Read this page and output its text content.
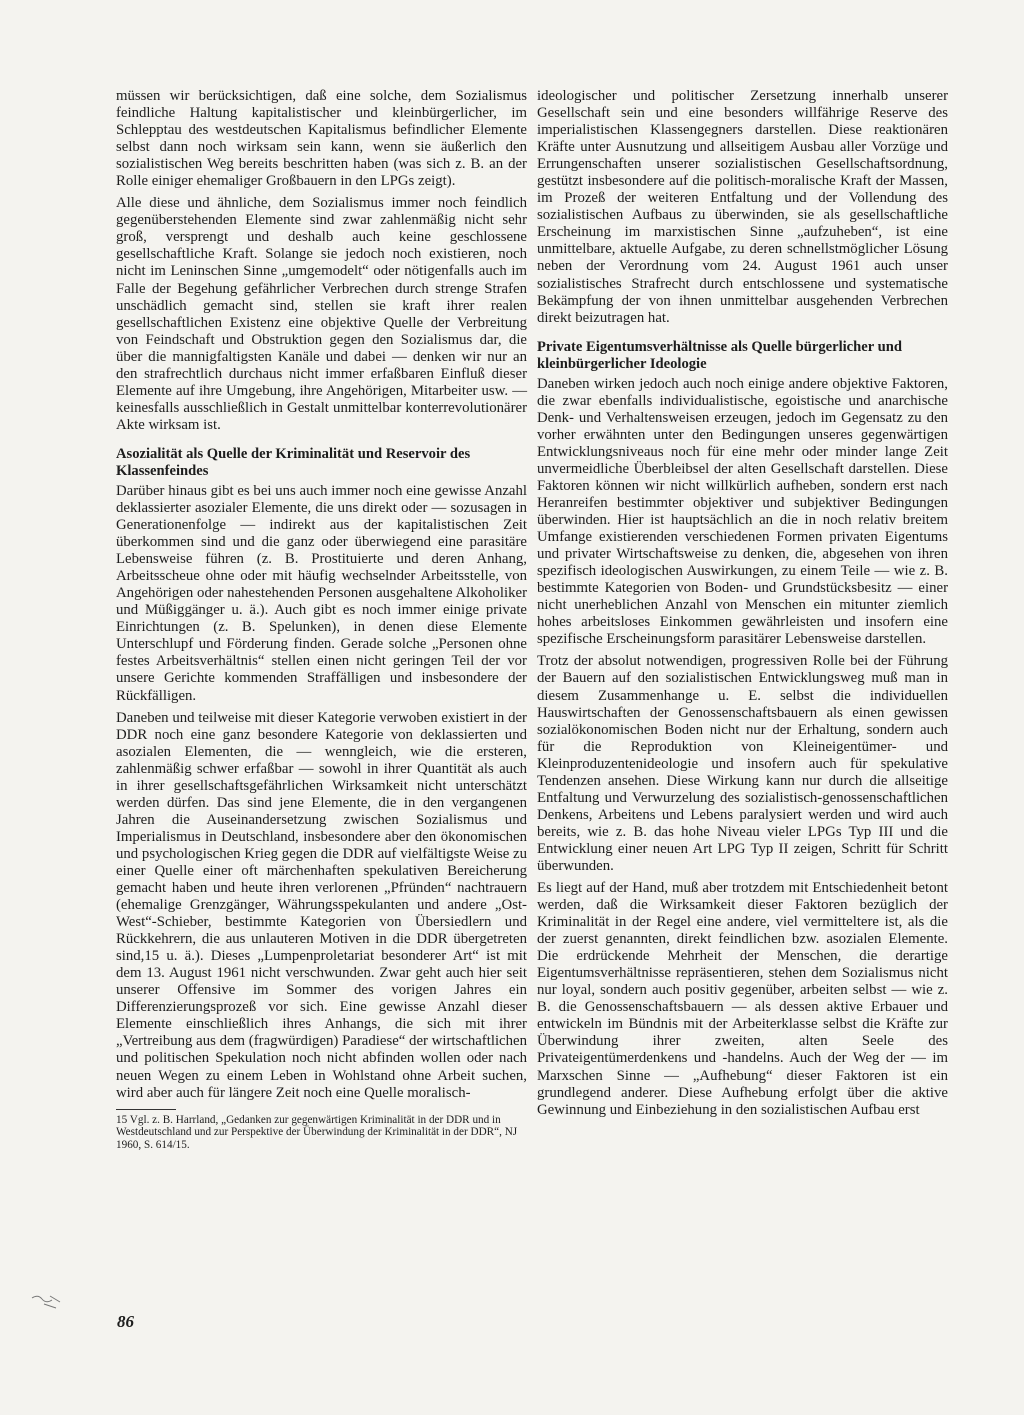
müssen wir berücksichtigen, daß eine solche, dem Sozialismus feindliche Haltung kapitalistischer und kleinbürgerlicher, im Schlepptau des westdeutschen Kapitalismus befindlicher Elemente selbst dann noch wirksam sein kann, wenn sie äußerlich den sozialistischen Weg bereits beschritten haben (was sich z. B. an der Rolle einiger ehemaliger Großbauern in den LPGs zeigt).

Alle diese und ähnliche, dem Sozialismus immer noch feindlich gegenüberstehenden Elemente sind zwar zahlenmäßig nicht sehr groß, versprengt und deshalb auch keine geschlossene gesellschaftliche Kraft. Solange sie jedoch noch existieren, noch nicht im Leninschen Sinne „umgemodelt“ oder nötigenfalls auch im Falle der Begehung gefährlicher Verbrechen durch strenge Strafen unschädlich gemacht sind, stellen sie kraft ihrer realen gesellschaftlichen Existenz eine objektive Quelle der Verbreitung von Feindschaft und Obstruktion gegen den Sozialismus dar, die über die mannigfaltigsten Kanäle und dabei — denken wir nur an den strafrechtlich durchaus nicht immer erfaßbaren Einfluß dieser Elemente auf ihre Umgebung, ihre Angehörigen, Mitarbeiter usw. — keinesfalls ausschließlich in Gestalt unmittelbar konterrevolutionärer Akte wirksam ist.

Asozialität als Quelle der Kriminalität und Reservoir des Klassenfeindes

Darüber hinaus gibt es bei uns auch immer noch eine gewisse Anzahl deklassierter asozialer Elemente, die uns direkt oder — sozusagen in Generationenfolge — indirekt aus der kapitalistischen Zeit überkommen sind und die ganz oder überwiegend eine parasitäre Lebensweise führen (z. B. Prostituierte und deren Anhang, Arbeitsscheue ohne oder mit häufig wechselnder Arbeitsstelle, von Angehörigen oder nahestehenden Personen ausgehaltene Alkoholiker und Müßiggänger u. ä.). Auch gibt es noch immer einige private Einrichtungen (z. B. Spelunken), in denen diese Elemente Unterschlupf und Förderung finden. Gerade solche „Personen ohne festes Arbeitsverhältnis“ stellen einen nicht geringen Teil der vor unsere Gerichte kommenden Straffälligen und insbesondere der Rückfälligen.

Daneben und teilweise mit dieser Kategorie verwoben existiert in der DDR noch eine ganz besondere Kategorie von deklassierten und asozialen Elementen, die — wenngleich, wie die ersteren, zahlenmäßig schwer erfaßbar — sowohl in ihrer Quantität als auch in ihrer gesellschaftsgefährlichen Wirksamkeit nicht unterschätzt werden dürfen. Das sind jene Elemente, die in den vergangenen Jahren die Auseinandersetzung zwischen Sozialismus und Imperialismus in Deutschland, insbesondere aber den ökonomischen und psychologischen Krieg gegen die DDR auf vielfältigste Weise zu einer Quelle einer oft märchenhaften spekulativen Bereicherung gemacht haben und heute ihren verlorenen „Pfründen“ nachtrauern (ehemalige Grenzgänger, Währungsspekulanten und andere „Ost-West“-Schieber, bestimmte Kategorien von Übersiedlern und Rückkehrern, die aus unlauteren Motiven in die DDR übergetreten sind,15 u. ä.). Dieses „Lumpenproletariat besonderer Art“ ist mit dem 13. August 1961 nicht verschwunden. Zwar geht auch hier seit unserer Offensive im Sommer des vorigen Jahres ein Differenzierungsprozeß vor sich. Eine gewisse Anzahl dieser Elemente einschließlich ihres Anhangs, die sich mit ihrer „Vertreibung aus dem (fragwürdigen) Paradiese“ der wirtschaftlichen und politischen Spekulation noch nicht abfinden wollen oder nach neuen Wegen zu einem Leben in Wohlstand ohne Arbeit suchen, wird aber auch für längere Zeit noch eine Quelle moralisch-

15 Vgl. z. B. Harrland, „Gedanken zur gegenwärtigen Kriminalität in der DDR und in Westdeutschland und zur Perspektive der Überwindung der Kriminalität in der DDR“, NJ 1960, S. 614/15.

ideologischer und politischer Zersetzung innerhalb unserer Gesellschaft sein und eine besonders willfährige Reserve des imperialistischen Klassengegners darstellen. Diese reaktionären Kräfte unter Ausnutzung und allseitigem Ausbau aller Vorzüge und Errungenschaften unserer sozialistischen Gesellschaftsordnung, gestützt insbesondere auf die politisch-moralische Kraft der Massen, im Prozeß der weiteren Entfaltung und der Vollendung des sozialistischen Aufbaus zu überwinden, sie als gesellschaftliche Erscheinung im marxistischen Sinne „aufzuheben“, ist eine unmittelbare, aktuelle Aufgabe, zu deren schnellstmöglicher Lösung neben der Verordnung vom 24. August 1961 auch unser sozialistisches Strafrecht durch entschlossene und systematische Bekämpfung der von ihnen unmittelbar ausgehenden Verbrechen direkt beizutragen hat.

Private Eigentumsverhältnisse als Quelle bürgerlicher und kleinbürgerlicher Ideologie

Daneben wirken jedoch auch noch einige andere objektive Faktoren, die zwar ebenfalls individualistische, egoistische und anarchische Denk- und Verhaltensweisen erzeugen, jedoch im Gegensatz zu den vorher erwähnten unter den Bedingungen unseres gegenwärtigen Entwicklungsniveaus noch für eine mehr oder minder lange Zeit unvermeidliche Überbleibsel der alten Gesellschaft darstellen. Diese Faktoren können wir nicht willkürlich aufheben, sondern erst nach Heranreifen bestimmter objektiver und subjektiver Bedingungen überwinden. Hier ist hauptsächlich an die in noch relativ breitem Umfange existierenden verschiedenen Formen privaten Eigentums und privater Wirtschaftsweise zu denken, die, abgesehen von ihren spezifisch ideologischen Auswirkungen, zu einem Teile — wie z. B. bestimmte Kategorien von Boden- und Grundstücksbesitz — einer nicht unerheblichen Anzahl von Menschen ein mitunter ziemlich hohes arbeitsloses Einkommen gewährleisten und insofern eine spezifische Erscheinungsform parasitärer Lebensweise darstellen.

Trotz der absolut notwendigen, progressiven Rolle bei der Führung der Bauern auf den sozialistischen Entwicklungsweg muß man in diesem Zusammenhange u. E. selbst die individuellen Hauswirtschaften der Genossenschaftsbauern als einen gewissen sozialökonomischen Boden nicht nur der Erhaltung, sondern auch für die Reproduktion von Kleineigentümer- und Kleinproduzentenideologie und insofern auch für spekulative Tendenzen ansehen. Diese Wirkung kann nur durch die allseitige Entfaltung und Verwurzelung des sozialistisch-genossenschaftlichen Denkens, Arbeitens und Lebens paralysiert werden und wird auch bereits, wie z. B. das hohe Niveau vieler LPGs Typ III und die Entwicklung einer neuen Art LPG Typ II zeigen, Schritt für Schritt überwunden.

Es liegt auf der Hand, muß aber trotzdem mit Entschiedenheit betont werden, daß die Wirksamkeit dieser Faktoren bezüglich der Kriminalität in der Regel eine andere, viel vermitteltere ist, als die der zuerst genannten, direkt feindlichen bzw. asozialen Elemente. Die erdrückende Mehrheit der Menschen, die derartige Eigentumsverhältnisse repräsentieren, stehen dem Sozialismus nicht nur loyal, sondern auch positiv gegenüber, arbeiten selbst — wie z. B. die Genossenschaftsbauern — als dessen aktive Erbauer und entwickeln im Bündnis mit der Arbeiterklasse selbst die Kräfte zur Überwindung ihrer zweiten, alten Seele des Privateigentümerdenkens und -handelns. Auch der Weg der — im Marxschen Sinne — „Aufhebung“ dieser Faktoren ist ein grundlegend anderer. Diese Aufhebung erfolgt über die aktive Gewinnung und Einbeziehung in den sozialistischen Aufbau erst

86
